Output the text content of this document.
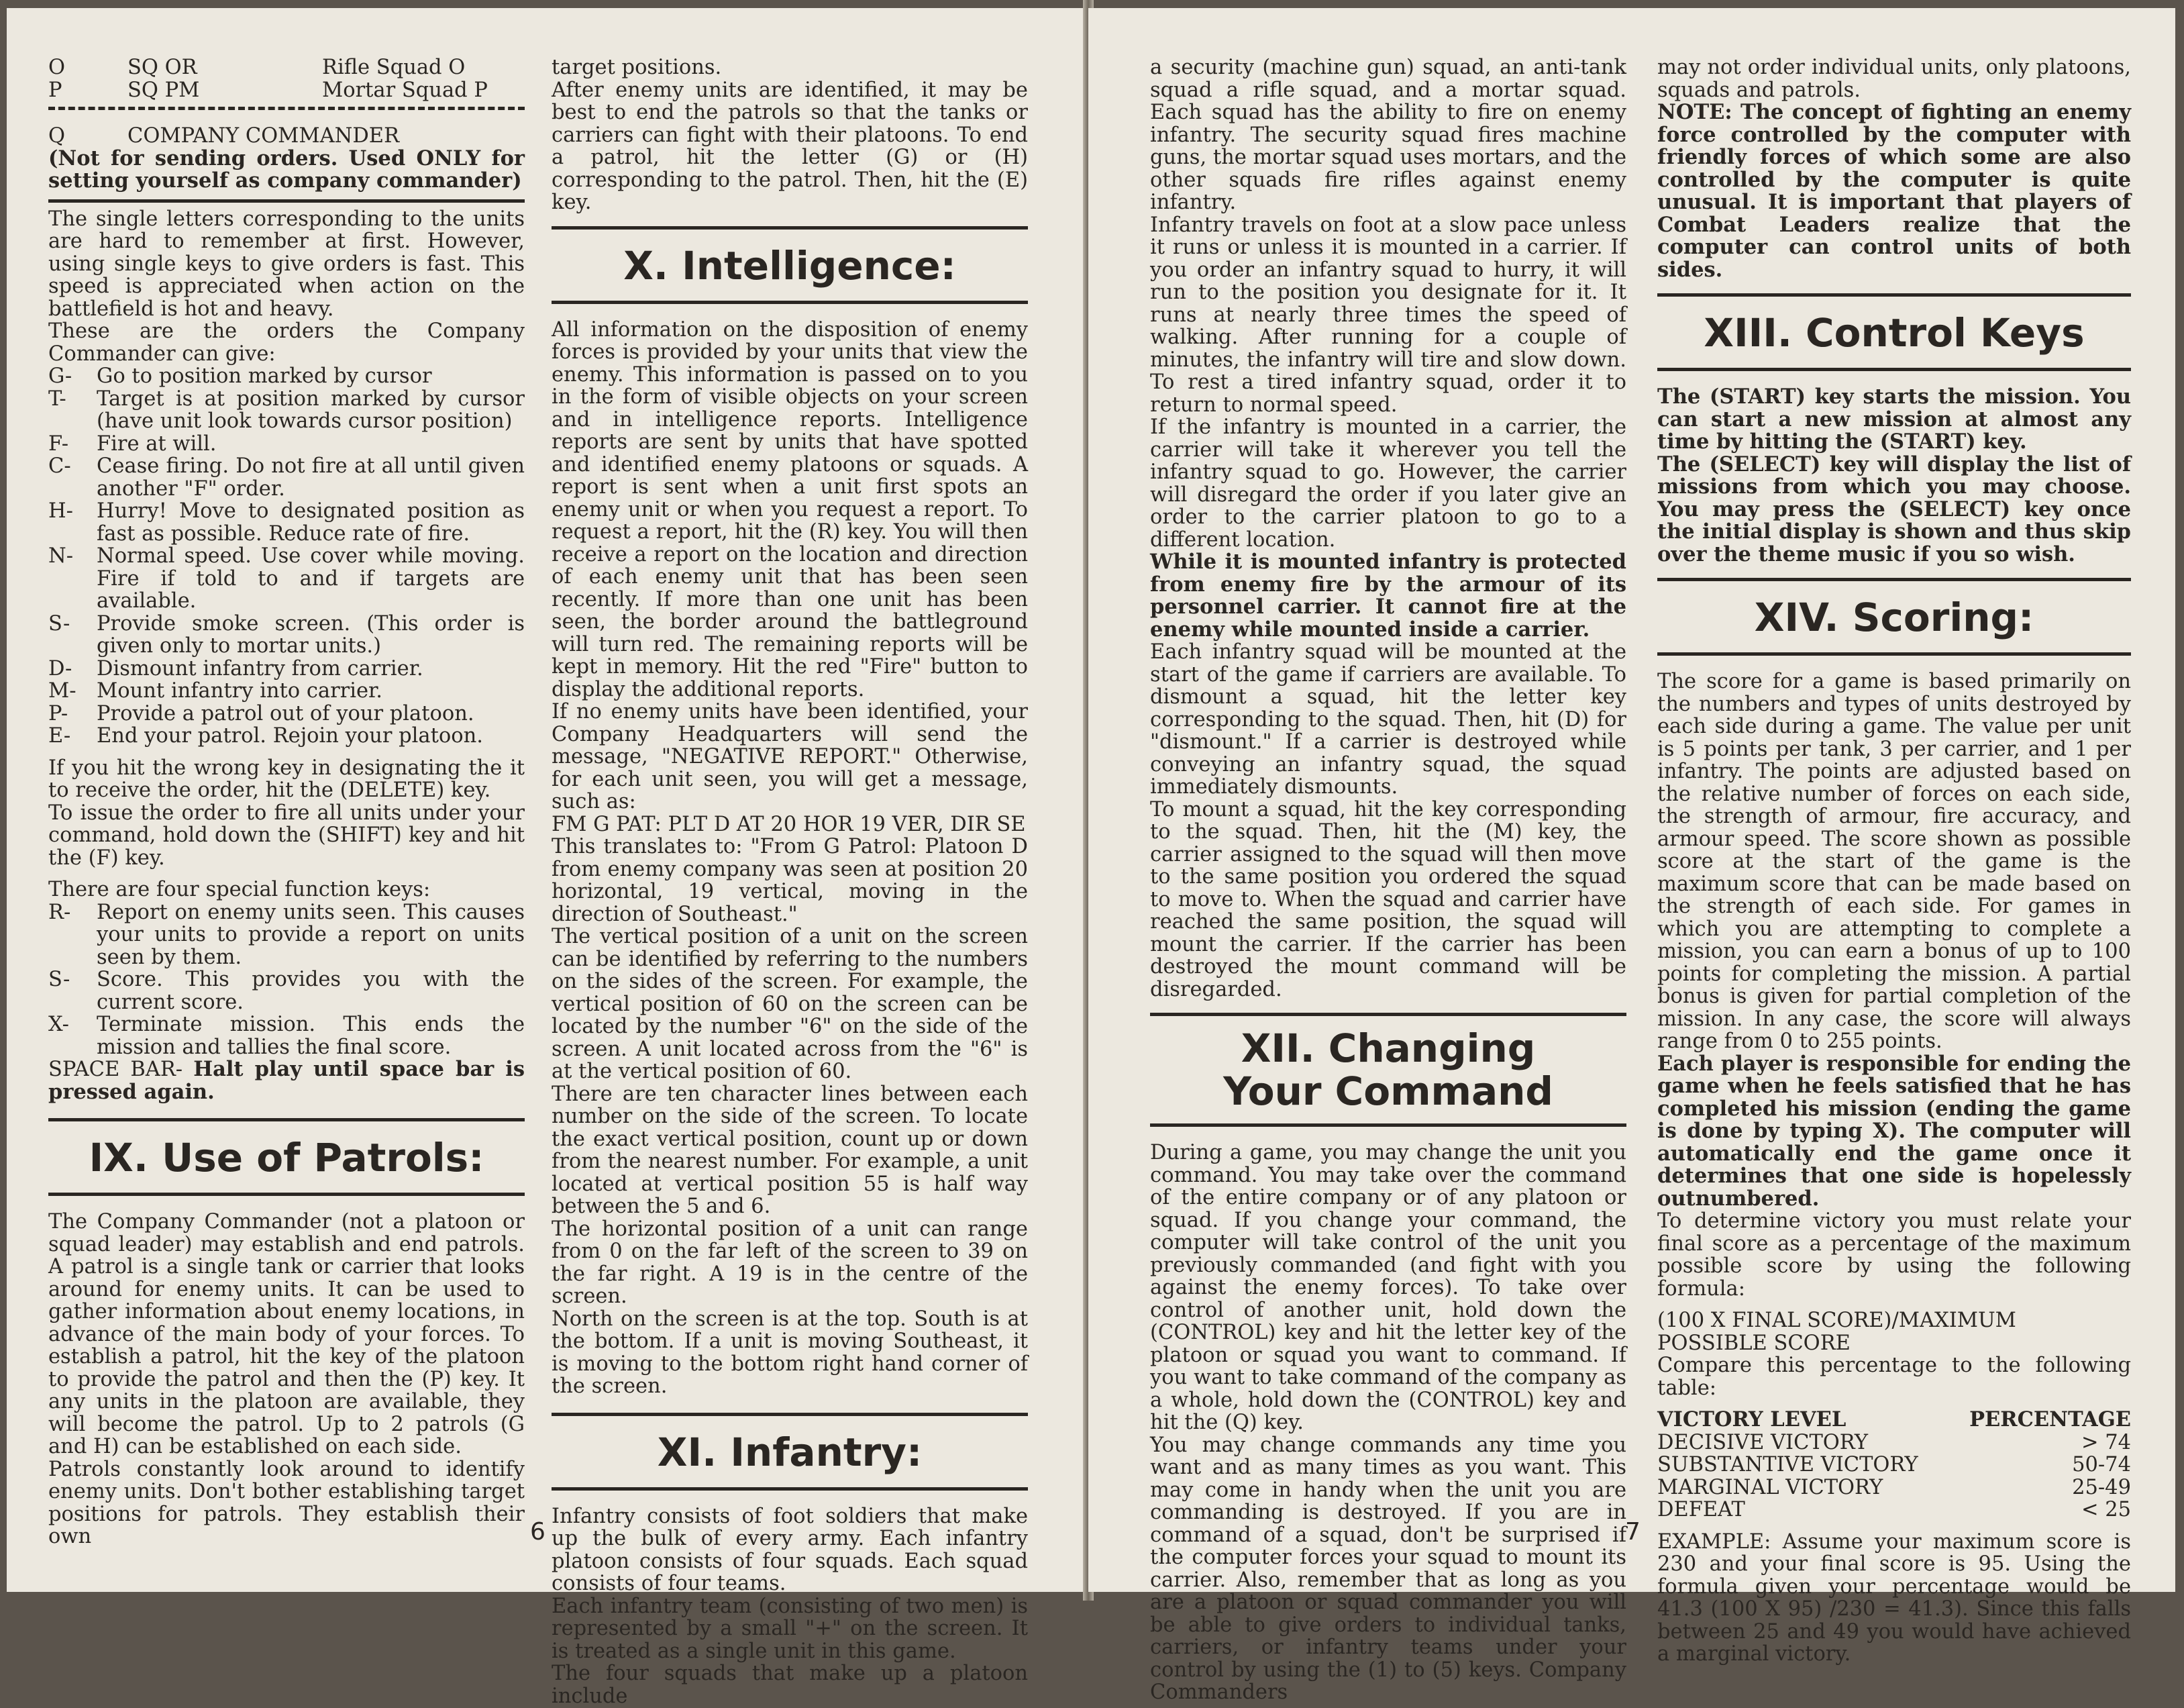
O	SQ OR	Rifle Squad O
P	SQ PM	Mortar Squad P
Q	COMPANY COMMANDER

(Not for sending orders. Used ONLY for setting yourself as company commander)

The single letters corresponding to the units are hard to remember at first. However, using single keys to give orders is fast. This speed is appreciated when action on the battlefield is hot and heavy.

These are the orders the Company Commander can give:

G-	Go to position marked by cursor
T-	Target is at position marked by cursor (have unit look towards cursor position)
F-	Fire at will.
C-	Cease firing. Do not fire at all until given another "F" order.
H-	Hurry! Move to designated position as fast as possible. Reduce rate of fire.
N-	Normal speed. Use cover while moving. Fire if told to and if targets are available.
S-	Provide smoke screen. (This order is given only to mortar units.)
D-	Dismount infantry from carrier.
M- Mount infantry into carrier.
P-	Provide a patrol out of your platoon.
E-	End your patrol. Rejoin your platoon.

If you hit the wrong key in designating the it to receive the order, hit the (DELETE) key.

To issue the order to fire all units under your command, hold down the (SHIFT) key and hit the (F) key.

There are four special function keys:

R-	Report on enemy units seen. This causes your units to provide a report on units seen by them.
S-	Score. This provides you with the current score.
X-	Terminate mission. This ends the mission and tallies the final score.

SPACE BAR- Halt play until space bar is pressed again.

IX. Use of Patrols:

The Company Commander (not a platoon or squad leader) may establish and end patrols. A patrol is a single tank or carrier that looks around for enemy units. It can be used to gather information about enemy locations, in advance of the main body of your forces. To establish a patrol, hit the key of the platoon to provide the patrol and then the (P) key. It any units in the platoon are available, they will become the patrol. Up to 2 patrols (G and H) can be established on each side.

Patrols constantly look around to identify enemy units. Don't bother establishing target positions for patrols. They establish their own

target positions.

After enemy units are identified, it may be best to end the patrols so that the tanks or carriers can fight with their platoons. To end a patrol, hit the letter (G) or (H) corresponding to the patrol. Then, hit the (E) key.

X. Intelligence:

All information on the disposition of enemy forces is provided by your units that view the enemy. This information is passed on to you in the form of visible objects on your screen and in intelligence reports. Intelligence reports are sent by units that have spotted and identified enemy platoons or squads. A report is sent when a unit first spots an enemy unit or when you request a report. To request a report, hit the (R) key. You will then receive a report on the location and direction of each enemy unit that has been seen recently. If more than one unit has been seen, the border around the battleground will turn red. The remaining reports will be kept in memory. Hit the red "Fire" button to display the additional reports.

If no enemy units have been identified, your Company Headquarters will send the message, "NEGATIVE REPORT." Otherwise, for each unit seen, you will get a message, such as:

FM G PAT: PLT D AT 20 HOR 19 VER, DIR SE

This translates to: "From G Patrol: Platoon D from enemy company was seen at position 20 horizontal, 19 vertical, moving in the direction of Southeast."

The vertical position of a unit on the screen can be identified by referring to the numbers on the sides of the screen. For example, the vertical position of 60 on the screen can be located by the number "6" on the side of the screen. A unit located across from the "6" is at the vertical position of 60.

There are ten character lines between each number on the side of the screen. To locate the exact vertical position, count up or down from the nearest number. For example, a unit located at vertical position 55 is half way between the 5 and 6.

The horizontal position of a unit can range from 0 on the far left of the screen to 39 on the far right. A 19 is in the centre of the screen.

North on the screen is at the top. South is at the bottom. If a unit is moving Southeast, it is moving to the bottom right hand corner of the screen.

XI. Infantry:

Infantry consists of foot soldiers that make up the bulk of every army. Each infantry platoon consists of four squads. Each squad consists of four teams.

Each infantry team (consisting of two men) is represented by a small "+" on the screen. It is treated as a single unit in this game.

The four squads that make up a platoon include

6

a security (machine gun) squad, an anti-tank squad a rifle squad, and a mortar squad. Each squad has the ability to fire on enemy infantry. The security squad fires machine guns, the mortar squad uses mortars, and the other squads fire rifles against enemy infantry.

Infantry travels on foot at a slow pace unless it runs or unless it is mounted in a carrier. If you order an infantry squad to hurry, it will run to the position you designate for it. It runs at nearly three times the speed of walking. After running for a couple of minutes, the infantry will tire and slow down. To rest a tired infantry squad, order it to return to normal speed.

If the infantry is mounted in a carrier, the carrier will take it wherever you tell the infantry squad to go. However, the carrier will disregard the order if you later give an order to the carrier platoon to go to a different location.

While it is mounted infantry is protected from enemy fire by the armour of its personnel carrier. It cannot fire at the enemy while mounted inside a carrier.

Each infantry squad will be mounted at the start of the game if carriers are available. To dismount a squad, hit the letter key corresponding to the squad. Then, hit (D) for "dismount." If a carrier is destroyed while conveying an infantry squad, the squad immediately dismounts.

To mount a squad, hit the key corresponding to the squad. Then, hit the (M) key, the carrier assigned to the squad will then move to the same position you ordered the squad to move to. When the squad and carrier have reached the same position, the squad will mount the carrier. If the carrier has been destroyed the mount command will be disregarded.

XII. Changing Your Command

During a game, you may change the unit you command. You may take over the command of the entire company or of any platoon or squad. If you change your command, the computer will take control of the unit you previously commanded (and fight with you against the enemy forces). To take over control of another unit, hold down the (CONTROL) key and hit the letter key of the platoon or squad you want to command. If you want to take command of the company as a whole, hold down the (CONTROL) key and hit the (Q) key.

You may change commands any time you want and as many times as you want. This may come in handy when the unit you are commanding is destroyed. If you are in command of a squad, don't be surprised if the computer forces your squad to mount its carrier. Also, remember that as long as you are a platoon or squad commander you will be able to give orders to individual tanks, carriers, or infantry teams under your control by using the (1) to (5) keys. Company Commanders

may not order individual units, only platoons, squads and patrols.

NOTE: The concept of fighting an enemy force controlled by the computer with friendly forces of which some are also controlled by the computer is quite unusual. It is important that players of Combat Leaders realize that the computer can control units of both sides.

XIII. Control Keys

The (START) key starts the mission. You can start a new mission at almost any time by hitting the (START) key.

The (SELECT) key will display the list of missions from which you may choose. You may press the (SELECT) key once the initial display is shown and thus skip over the theme music if you so wish.

XIV. Scoring:

The score for a game is based primarily on the numbers and types of units destroyed by each side during a game. The value per unit is 5 points per tank, 3 per carrier, and 1 per infantry. The points are adjusted based on the relative number of forces on each side, the strength of armour, fire accuracy, and armour speed. The score shown as possible score at the start of the game is the maximum score that can be made based on the strength of each side. For games in which you are attempting to complete a mission, you can earn a bonus of up to 100 points for completing the mission. A partial bonus is given for partial completion of the mission. In any case, the score will always range from 0 to 255 points.

Each player is responsible for ending the game when he feels satisfied that he has completed his mission (ending the game is done by typing X). The computer will automatically end the game once it determines that one side is hopelessly outnumbered.

To determine victory you must relate your final score as a percentage of the maximum possible score by using the following formula:

(100 X FINAL SCORE)/MAXIMUM POSSIBLE SCORE

Compare this percentage to the following table:

VICTORY LEVEL	PERCENTAGE
DECISIVE VICTORY	> 74
SUBSTANTIVE VICTORY	50-74
MARGINAL VICTORY	25-49
DEFEAT	< 25

EXAMPLE: Assume your maximum score is 230 and your final score is 95. Using the formula given your percentage would be 41.3 (100 X 95) /230 = 41.3). Since this falls between 25 and 49 you would have achieved a marginal victory.

7
